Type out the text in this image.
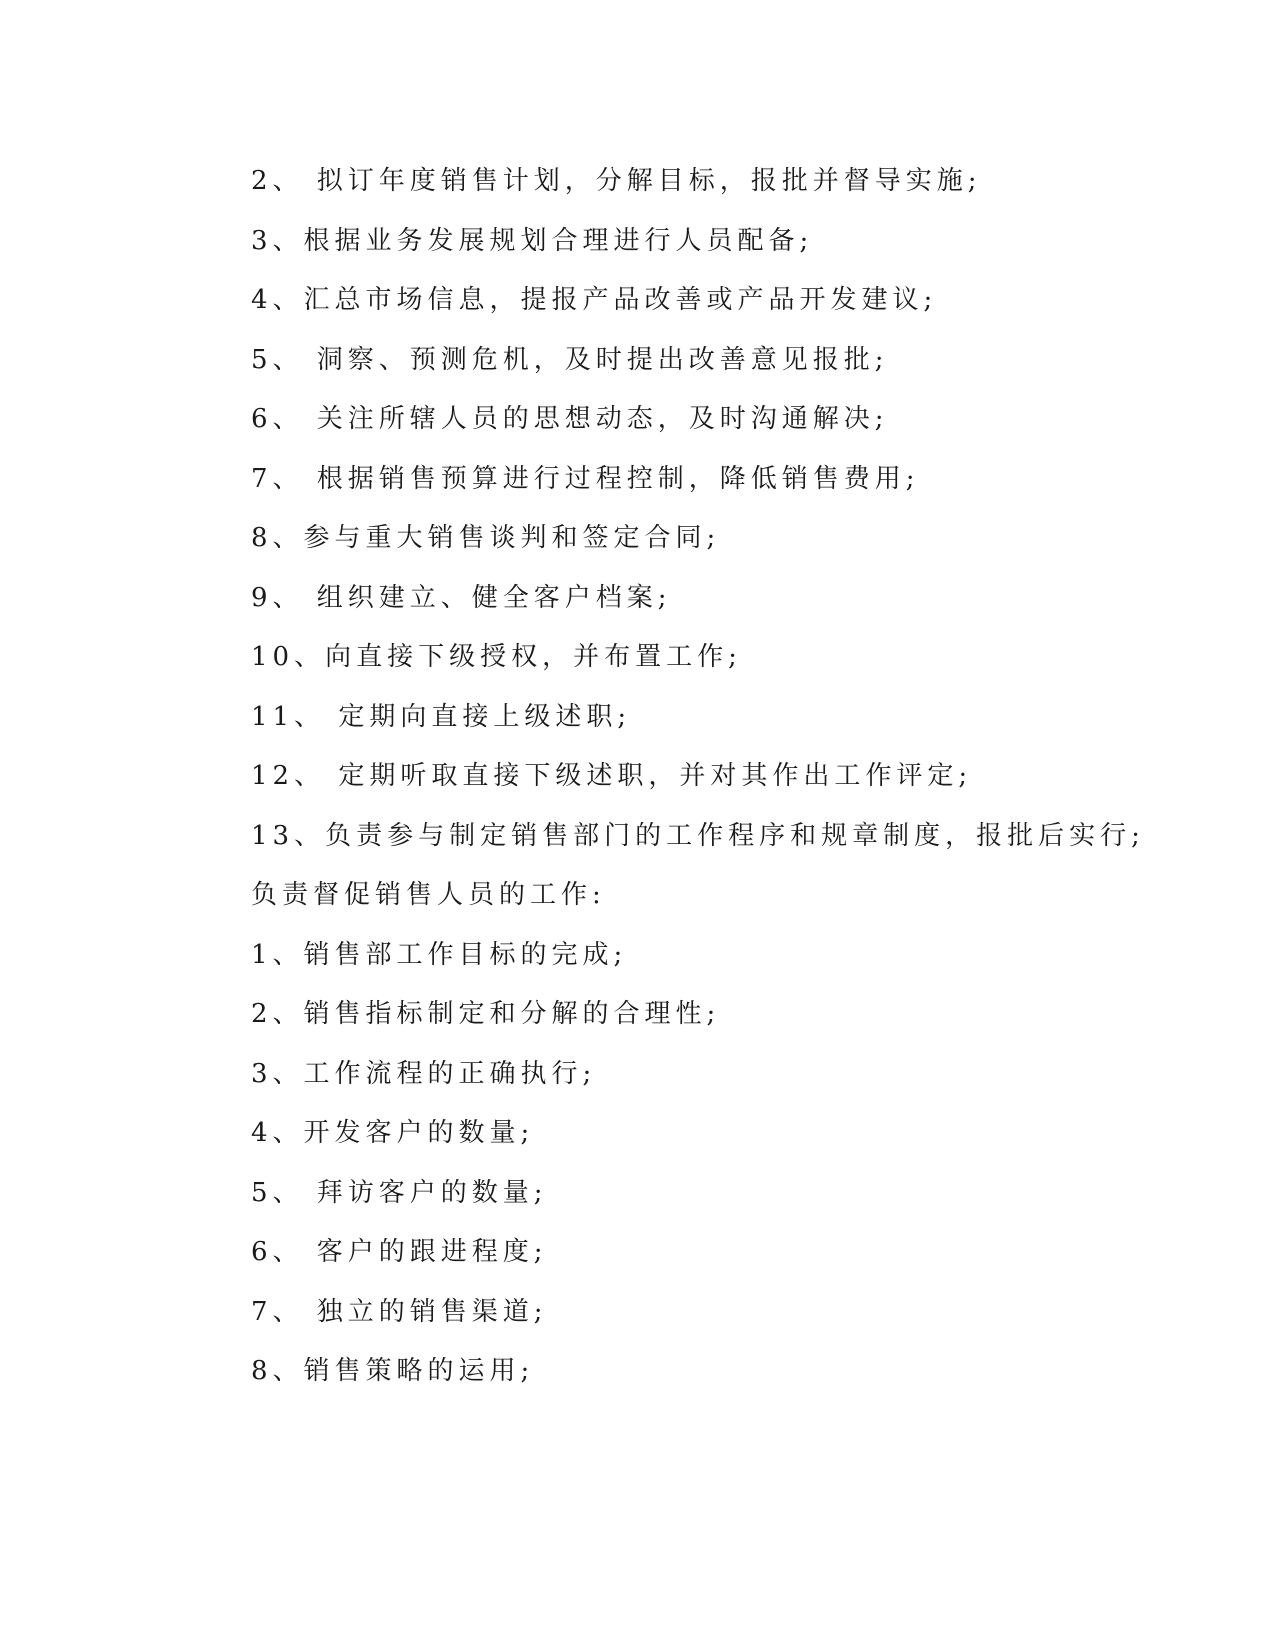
2、 拟订年度销售计划，分解目标，报批并督导实施;
3、根据业务发展规划合理进行人员配备;
4、汇总市场信息，提报产品改善或产品开发建议;
5、 洞察、预测危机，及时提出改善意见报批;
6、 关注所辖人员的思想动态，及时沟通解决;
7、 根据销售预算进行过程控制，降低销售费用;
8、参与重大销售谈判和签定合同;
9、 组织建立、健全客户档案;
10、向直接下级授权，并布置工作;
11、 定期向直接上级述职;
12、 定期听取直接下级述职，并对其作出工作评定;
13、负责参与制定销售部门的工作程序和规章制度，报批后实行;
负责督促销售人员的工作:
1、销售部工作目标的完成;
2、销售指标制定和分解的合理性;
3、工作流程的正确执行;
4、开发客户的数量;
5、 拜访客户的数量;
6、 客户的跟进程度;
7、 独立的销售渠道;
8、销售策略的运用;
